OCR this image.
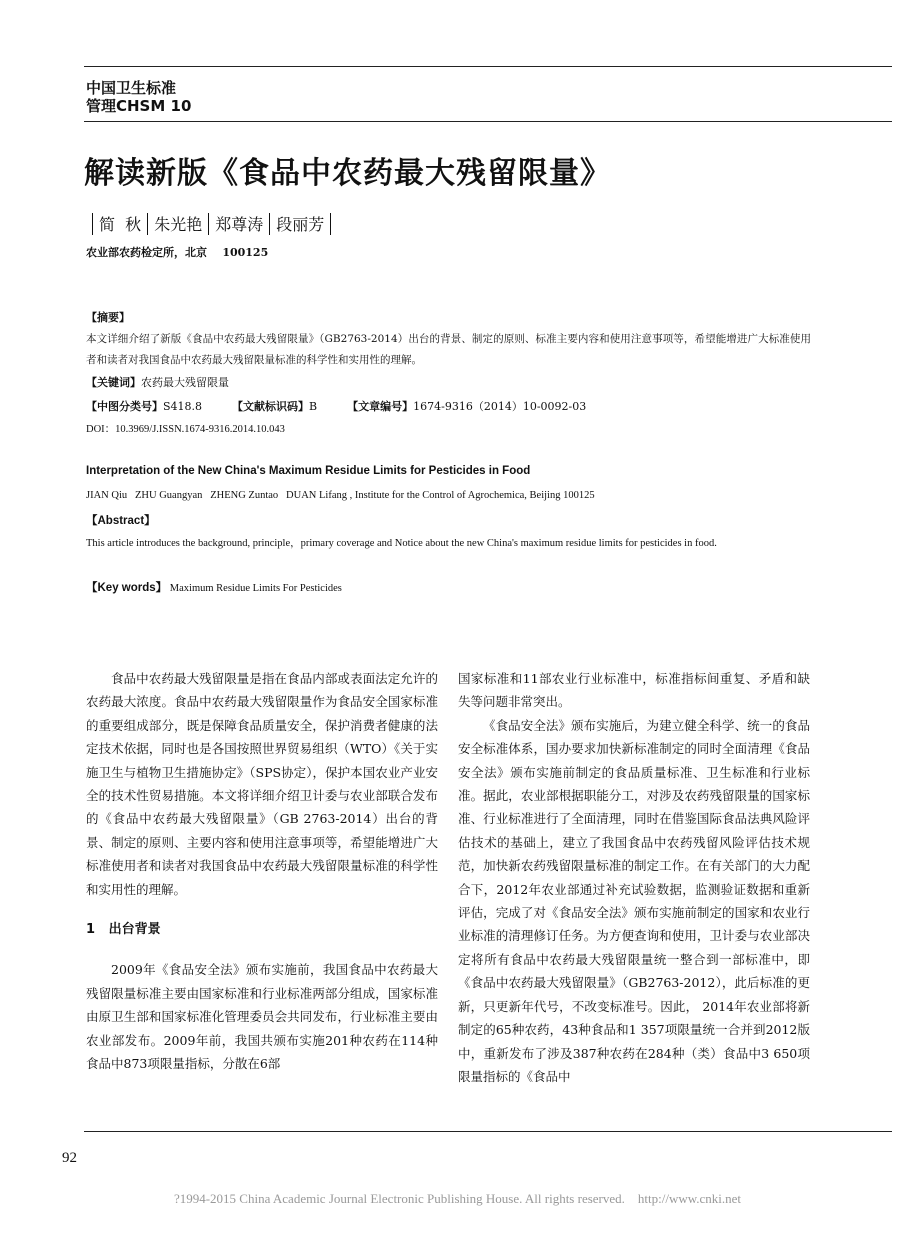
中国卫生标准
管理CHSM 10
解读新版《食品中农药最大残留限量》
简  秋 朱光艳 郑尊涛 段丽芳
农业部农药检定所，北京    100125
【摘要】
本文详细介绍了新版《食品中农药最大残留限量》（GB2763-2014）出台的背景、制定的原则、标准主要内容和使用注意事项等，希望能增进广大标准使用者和读者对我国食品中农药最大残留限量标准的科学性和实用性的理解。
【关键词】农药最大残留限量
【中图分类号】S418.8	【文献标识码】B	【文章编号】1674-9316（2014）10-0092-03
DOI：10.3969/J.ISSN.1674-9316.2014.10.043
Interpretation of the New China's Maximum Residue Limits for Pesticides in Food
JIAN Qiu   ZHU Guangyan   ZHENG Zuntao   DUAN Lifang , Institute for the Control of Agrochemica, Beijing 100125
【Abstract】
This article introduces the background, principle，primary coverage and Notice about the new China's maximum residue limits for pesticides in food.
【Key words】 Maximum Residue Limits For Pesticides

食品中农药最大残留限量是指在食品内部或表面法定允许的农药最大浓度。食品中农药最大残留限量作为食品安全国家标准的重要组成部分，既是保障食品质量安全，保护消费者健康的法定技术依据，同时也是各国按照世界贸易组织（WTO）《关于实施卫生与植物卫生措施协定》（SPS协定），保护本国农业产业安全的技术性贸易措施。本文将详细介绍卫计委与农业部联合发布的《食品中农药最大残留限量》（GB 2763-2014）出台的背景、制定的原则、主要内容和使用注意事项等，希望能增进广大标准使用者和读者对我国食品中农药最大残留限量标准的科学性和实用性的理解。

1   出台背景

2009年《食品安全法》颁布实施前，我国食品中农药最大残留限量标准主要由国家标准和行业标准两部分组成，国家标准由原卫生部和国家标准化管理委员会共同发布，行业标准主要由农业部发布。2009年前，我国共颁布实施201种农药在114种食品中873项限量指标，分散在6部

国家标准和11部农业行业标准中，标准指标间重复、矛盾和缺失等问题非常突出。

《食品安全法》颁布实施后，为建立健全科学、统一的食品安全标准体系，国办要求加快新标准制定的同时全面清理《食品安全法》颁布实施前制定的食品质量标准、卫生标准和行业标准。据此，农业部根据职能分工，对涉及农药残留限量的国家标准、行业标准进行了全面清理，同时在借鉴国际食品法典风险评估技术的基础上，建立了我国食品中农药残留风险评估技术规范，加快新农药残留限量标准的制定工作。在有关部门的大力配合下，2012年农业部通过补充试验数据，监测验证数据和重新评估，完成了对《食品安全法》颁布实施前制定的国家和农业行业标准的清理修订任务。为方便查询和使用，卫计委与农业部决定将所有食品中农药最大残留限量统一整合到一部标准中，即《食品中农药最大残留限量》（GB2763-2012），此后标准的更新，只更新年代号，不改变标准号。因此， 2014年农业部将新制定的65种农药，43种食品和1 357项限量统一合并到2012版中，重新发布了涉及387种农药在284种（类）食品中3 650项限量指标的《食品中

92
?1994-2015 China Academic Journal Electronic Publishing House. All rights reserved.    http://www.cnki.net
